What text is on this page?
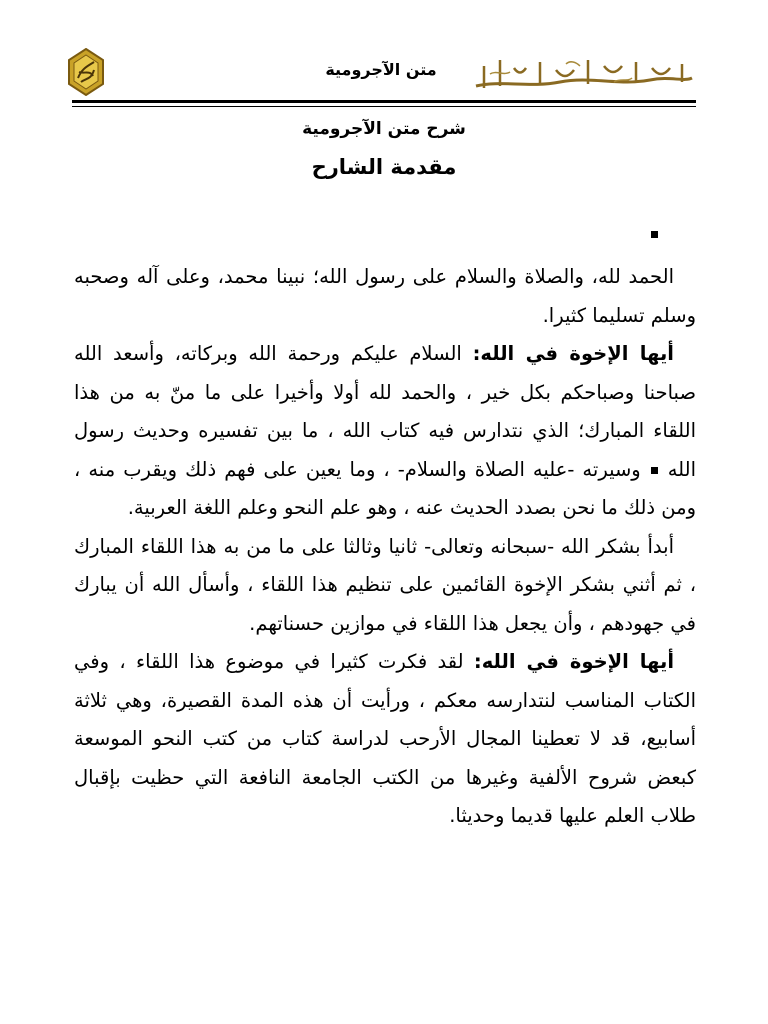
متن الآجرومية	جامع شيخ الإسلام ابن تيمية
شرح متن الآجرومية
مقدمة الشارح

الحمد لله، والصلاة والسلام على رسول الله؛ نبينا محمد، وعلى آله وصحبه وسلم تسليما كثيرا.

أيها الإخوة في الله: السلام عليكم ورحمة الله وبركاته، وأسعد الله صباحنا وصباحكم بكل خير ، والحمد لله أولا وأخيرا على ما منّ به من هذا اللقاء المبارك؛ الذي نتدارس فيه كتاب الله ، ما بين تفسيره وحديث رسول اللهوسيرته -عليه الصلاة والسلام- ، وما يعين على فهم ذلك ويقرب منه ، ومن ذلك ما نحن بصدد الحديث عنه ، وهو علم النحو وعلم اللغة العربية.

أبدأ بشكر الله -سبحانه وتعالى- ثانيا وثالثا على ما من به هذا اللقاء المبارك ، ثم أثني بشكر الإخوة القائمين على تنظيم هذا اللقاء ، وأسأل الله أن يبارك في جهودهم ، وأن يجعل هذا اللقاء في موازين حسناتهم.

أيها الإخوة في الله: لقد فكرت كثيرا في موضوع هذا اللقاء ، وفي الكتاب المناسب لنتدارسه معكم ، ورأيت أن هذه المدة القصيرة، وهي ثلاثة أسابيع، قد لا تعطينا المجال الأرحب لدراسة كتاب من كتب النحو الموسعة كبعض شروح الألفية وغيرها من الكتب الجامعة النافعة التي حظيت بإقبال طلاب العلم عليها قديما وحديثا.
